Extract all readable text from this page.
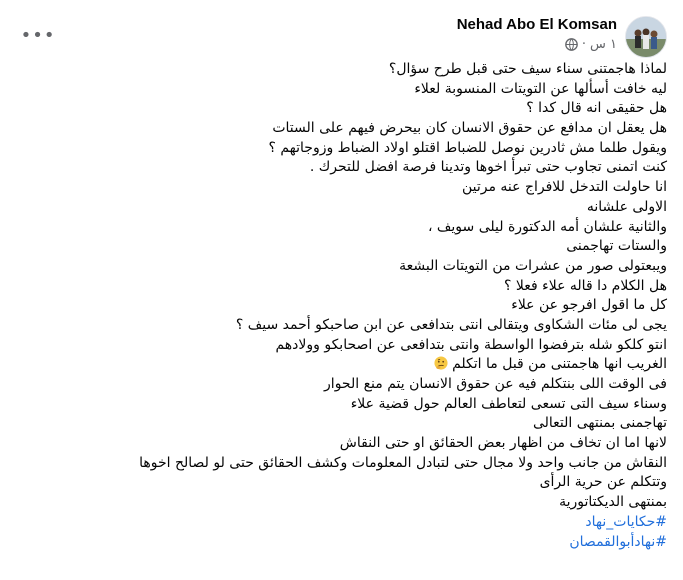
•••	Nehad Abo El Komsan
١ س
·
لماذا هاجمتنى سناء سيف حتى قبل طرح سؤال؟
ليه خافت أسألها عن التويتات المنسوبة لعلاء
هل حقيقى انه قال كدا ؟
هل يعقل ان مدافع عن حقوق الانسان كان بيحرض فيهم على الستات
ويقول طلما مش ثادرين نوصل للضباط اقتلو اولاد الضباط وزوجاتهم ؟
كنت اتمنى تجاوب حتى تبرأ اخوها وتدينا فرصة افضل للتحرك .
انا حاولت التدخل للافراج عنه مرتين
الاولى علشانه
والثانية علشان أمه الدكتورة ليلى سويف ،
والستات تهاجمنى
ويبعتولى صور من عشرات من التويتات البشعة
هل الكلام دا قاله علاء فعلا ؟
كل ما اقول افرجو عن علاء
يجى لى مئات الشكاوى ويتقالى انتى بتدافعى عن ابن صاحبكو أحمد سيف ؟
انتو كلكو شله بترفضوا الواسطة وانتى بتدافعى عن اصحابكو وولادهم
الغريب انها هاجمتنى من قبل ما اتكلم
فى الوقت اللى بنتكلم فيه عن حقوق الانسان يتم منع الحوار
وسناء سيف التى تسعى لتعاطف العالم حول قضية علاء
تهاجمنى بمنتهى التعالى
لانها اما ان تخاف من اظهار بعض الحقائق او حتى النقاش
النقاش من جانب واحد ولا مجال حتى لتبادل المعلومات وكشف الحقائق حتى لو لصالح اخوها
وتتكلم عن حرية الرأى
بمنتهى الديكتاتورية
#حكايات_نهاد
#نهادأبوالقمصان
